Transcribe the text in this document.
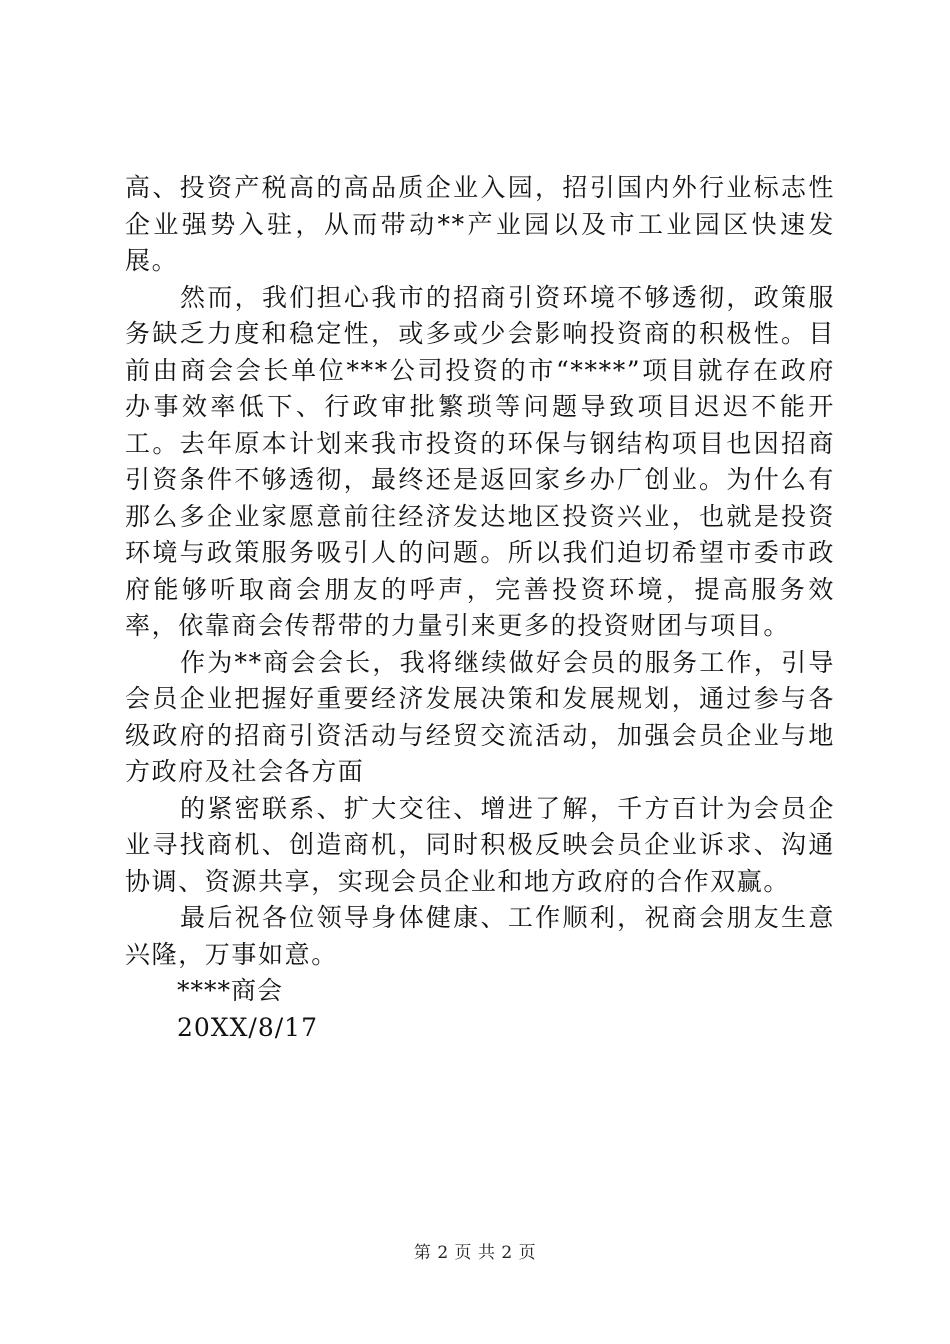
高、投资产税高的高品质企业入园，招引国内外行业标志性企业强势入驻，从而带动**产业园以及市工业园区快速发展。

然而，我们担心我市的招商引资环境不够透彻，政策服务缺乏力度和稳定性，或多或少会影响投资商的积极性。目前由商会会长单位***公司投资的市“****”项目就存在政府办事效率低下、行政审批繁琐等问题导致项目迟迟不能开工。去年原本计划来我市投资的环保与钢结构项目也因招商引资条件不够透彻，最终还是返回家乡办厂创业。为什么有那么多企业家愿意前往经济发达地区投资兴业，也就是投资环境与政策服务吸引人的问题。所以我们迫切希望市委市政府能够听取商会朋友的呼声，完善投资环境，提高服务效率，依靠商会传帮带的力量引来更多的投资财团与项目。

作为**商会会长，我将继续做好会员的服务工作，引导会员企业把握好重要经济发展决策和发展规划，通过参与各级政府的招商引资活动与经贸交流活动，加强会员企业与地方政府及社会各方面

的紧密联系、扩大交往、增进了解，千方百计为会员企业寻找商机、创造商机，同时积极反映会员企业诉求、沟通协调、资源共享，实现会员企业和地方政府的合作双赢。

最后祝各位领导身体健康、工作顺利，祝商会朋友生意兴隆，万事如意。

****商会

20XX/8/17

第 2 页 共 2 页
